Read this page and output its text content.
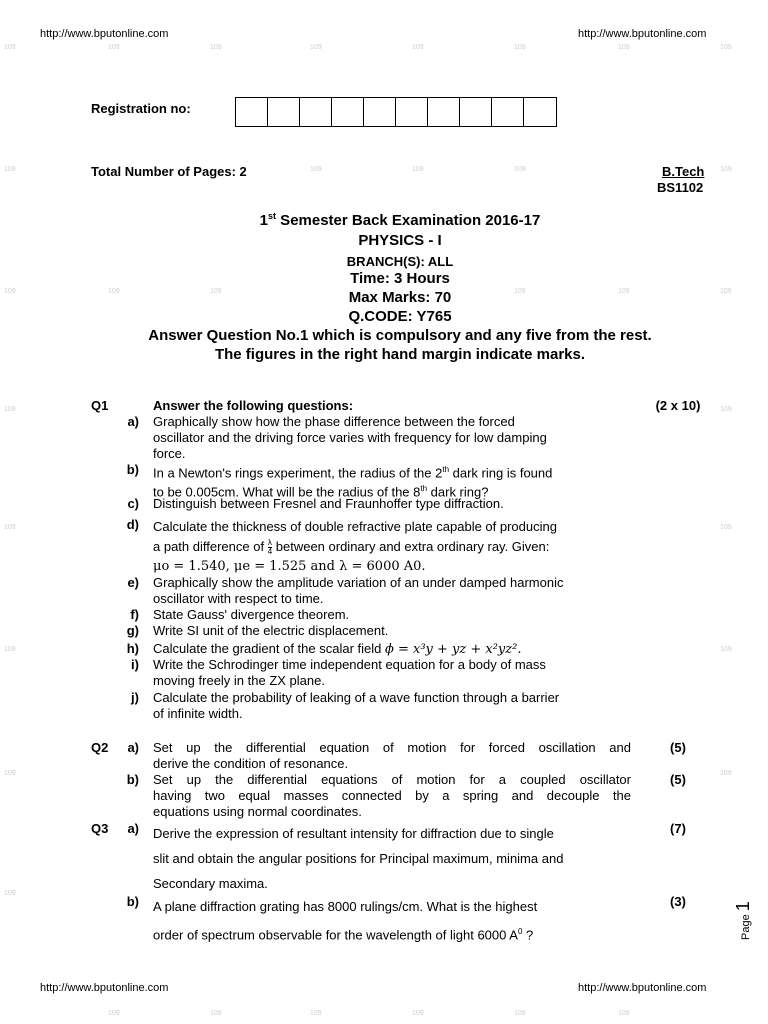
http://www.bputonline.com	http://www.bputonline.com
109
109
109
109
109
109
109
109
109	109	109	109	109	109	109
109	109	109	109
109	109	109	109	109
109
109
109
109
109	109	109	109	109	109
Registration no:
Total Number of Pages: 2	B.Tech
BS1102
1st Semester Back Examination 2016-17
PHYSICS - I
BRANCH(S): ALL
Time: 3 Hours
Max Marks: 70
Q.CODE: Y765
Answer Question No.1 which is compulsory and any five from the rest.
The figures in the right hand margin indicate marks.
Q1	Answer the following questions:	(2 x 10)
a) Graphically show how the phase difference between the forced
oscillator and the driving force varies with frequency for low damping
force.
b) In a Newton's rings experiment, the radius of the 2th dark ring is found
to be 0.005cm. What will be the radius of the 8th dark ring?
c) Distinguish between Fresnel and Fraunhoffer type diffraction.
d) Calculate the thickness of double refractive plate capable of producing
a path difference of $\frac{\lambda}{4}$ between ordinary and extra ordinary ray. Given:
μo = 1.540, μe = 1.525 and λ = 6000 A0.
e) Graphically show the amplitude variation of an under damped harmonic
oscillator with respect to time.
f) State Gauss' divergence theorem.
g) Write SI unit of the electric displacement.
h) Calculate the gradient of the scalar field ϕ = x³y + yz + x²yz².
i) Write the Schrodinger time independent equation for a body of mass
moving freely in the ZX plane.
j) Calculate the probability of leaking of a wave function through a barrier
of infinite width.
Q2	a) Set up the differential equation of motion for forced oscillation and
derive the condition of resonance.
(5)
b) Set up the differential equations of motion for a coupled oscillator
having two equal masses connected by a spring and decouple the
equations using normal coordinates.
(5)
Q3	a) Derive the expression of resultant intensity for diffraction due to single
slit and obtain the angular positions for Principal maximum, minima and
Secondary maxima.
(7)
b) A plane diffraction grating has 8000 rulings/cm. What is the highest
order of spectrum observable for the wavelength of light 6000 $A^0$ ?
(3)
Page 1
http://www.bputonline.com	http://www.bputonline.com
